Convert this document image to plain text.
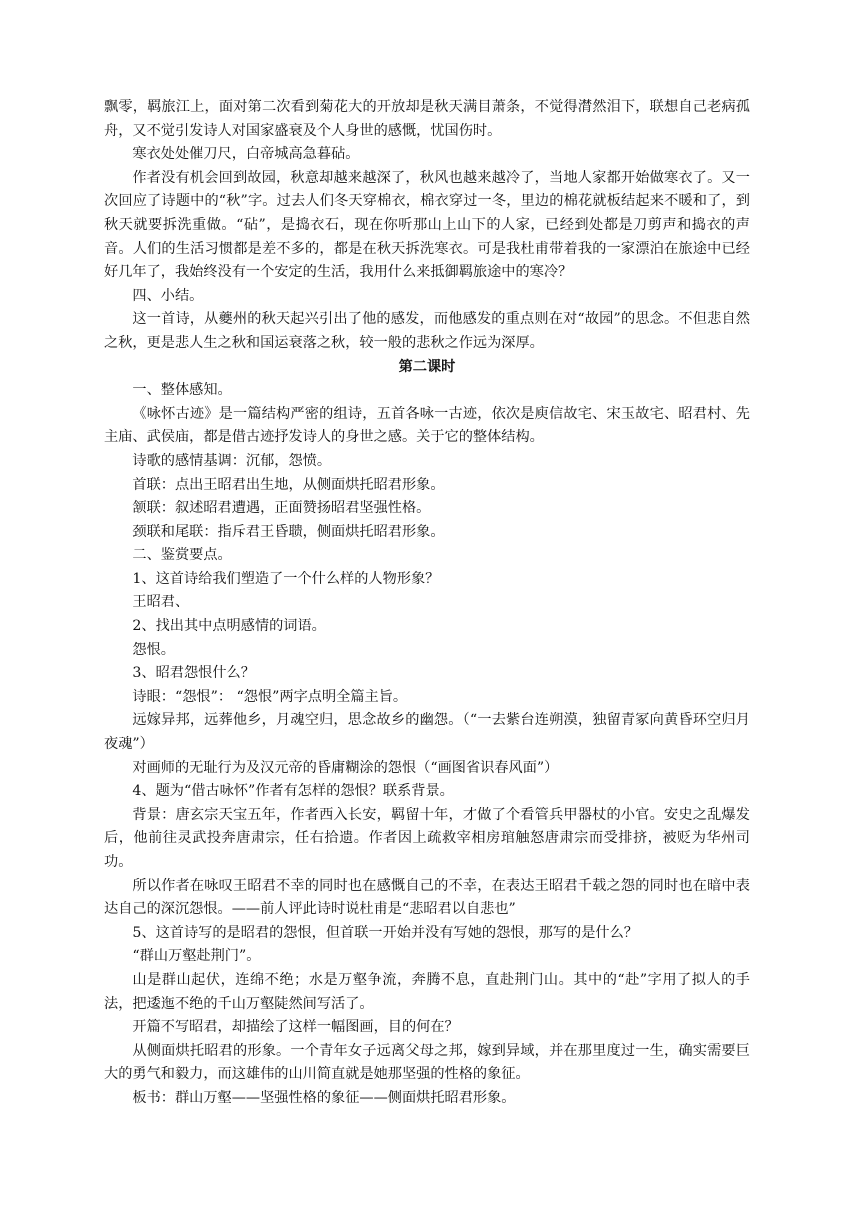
飘零，羁旅江上，面对第二次看到菊花大的开放却是秋天满目萧条，不觉得潸然泪下，联想自己老病孤舟，又不觉引发诗人对国家盛衰及个人身世的感慨，忧国伤时。

寒衣处处催刀尺，白帝城高急暮砧。

作者没有机会回到故园，秋意却越来越深了，秋风也越来越冷了，当地人家都开始做寒衣了。又一次回应了诗题中的“秋”字。过去人们冬天穿棉衣，棉衣穿过一冬，里边的棉花就板结起来不暖和了，到秋天就要拆洗重做。“砧”，是捣衣石，现在你听那山上山下的人家，已经到处都是刀剪声和捣衣的声音。人们的生活习惯都是差不多的，都是在秋天拆洗寒衣。可是我杜甫带着我的一家漂泊在旅途中已经好几年了，我始终没有一个安定的生活，我用什么来抵御羁旅途中的寒冷？

四、小结。

这一首诗，从夔州的秋天起兴引出了他的感发，而他感发的重点则在对“故园”的思念。不但悲自然之秋，更是悲人生之秋和国运衰落之秋，较一般的悲秋之作远为深厚。

第二课时

一、整体感知。

《咏怀古迹》是一篇结构严密的组诗，五首各咏一古迹，依次是庾信故宅、宋玉故宅、昭君村、先主庙、武侯庙，都是借古迹抒发诗人的身世之感。关于它的整体结构。

诗歌的感情基调：沉郁，怨愤。

首联：点出王昭君出生地，从侧面烘托昭君形象。

颔联：叙述昭君遭遇，正面赞扬昭君坚强性格。

颈联和尾联：指斥君王昏聩，侧面烘托昭君形象。

二、鉴赏要点。

1、这首诗给我们塑造了一个什么样的人物形象？

王昭君、

2、找出其中点明感情的词语。

怨恨。

3、昭君怨恨什么？

诗眼：“怨恨”： “怨恨”两字点明全篇主旨。

远嫁异邦，远葬他乡，月魂空归，思念故乡的幽怨。（“一去紫台连朔漠，独留青冢向黄昏环空归月夜魂”）

对画师的无耻行为及汉元帝的昏庸糊涂的怨恨（“画图省识春风面”）

4、题为“借古咏怀”作者有怎样的怨恨？联系背景。

背景：唐玄宗天宝五年，作者西入长安，羁留十年，才做了个看管兵甲器杖的小官。安史之乱爆发后，他前往灵武投奔唐肃宗，任右拾遗。作者因上疏救宰相房琯触怒唐肃宗而受排挤，被贬为华州司功。

所以作者在咏叹王昭君不幸的同时也在感慨自己的不幸，在表达王昭君千载之怨的同时也在暗中表达自己的深沉怨恨。——前人评此诗时说杜甫是“悲昭君以自悲也”

5、这首诗写的是昭君的怨恨，但首联一开始并没有写她的怨恨，那写的是什么？

“群山万壑赴荆门”。

山是群山起伏，连绵不绝；水是万壑争流，奔腾不息，直赴荆门山。其中的“赴”字用了拟人的手法，把逶迤不绝的千山万壑陡然间写活了。

开篇不写昭君，却描绘了这样一幅图画，目的何在？

从侧面烘托昭君的形象。一个青年女子远离父母之邦，嫁到异域，并在那里度过一生，确实需要巨大的勇气和毅力，而这雄伟的山川简直就是她那坚强的性格的象征。

板书：群山万壑——坚强性格的象征——侧面烘托昭君形象。
